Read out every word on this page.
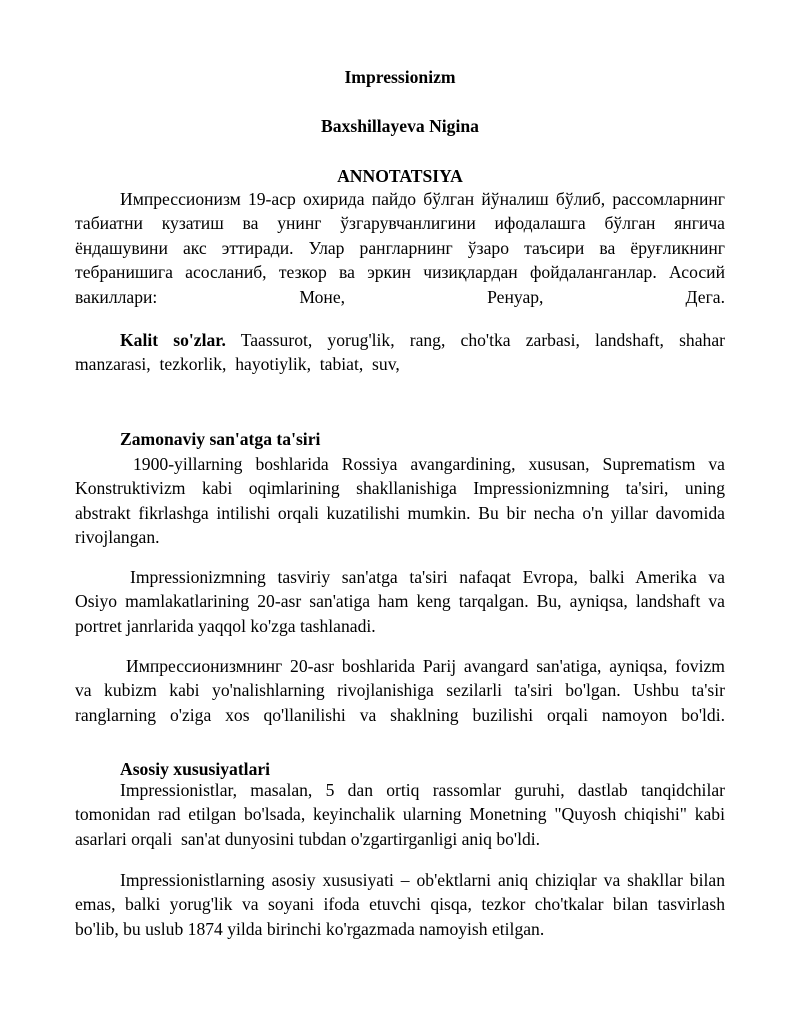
Impressionizm
Baxshillayeva Nigina
ANNOTATSIYA
Импрессионизм 19-аср охирида пайдо бўлган йўналиш бўлиб, рассомларнинг
табиатни кузатиш ва унинг ўзгарувчанлигини ифодалашга бўлган янгича
ёндашувини акс эттиради. Улар рангларнинг ўзаро таъсири ва ёруғликнинг
тебранишига асосланиб, тезкор ва эркин чизиқлардан фойдаланганлар. Асосий
вакиллари: Моне, Ренуар, Дега.
Kalit so'zlar. Taassurot, yorug'lik, rang, cho'tka zarbasi, landshaft, shahar
manzarasi,  tezkorlik,  hayotiylik,  tabiat,  suv,
Zamonaviy san'atga ta'siri
1900-yillarning boshlarida Rossiya avangardining, xususan, Suprematism va
Konstruktivizm kabi oqimlarining shakllanishiga Impressionizmning ta'siri, uning
abstrakt fikrlashga intilishi orqali kuzatilishi mumkin. Bu bir necha o'n yillar davomida
rivojlangan.
Impressionizmning tasviriy san'atga ta'siri nafaqat Evropa, balki Amerika va
Osiyo mamlakatlarining 20-asr san'atiga ham keng tarqalgan. Bu, ayniqsa, landshaft va
portret janrlarida yaqqol ko'zga tashlanadi.
Импрессионизмнинг 20-asr boshlarida Parij avangard san'atiga, ayniqsa, fovizm
va kubizm kabi yo'nalishlarning rivojlanishiga sezilarli ta'siri bo'lgan. Ushbu ta'sir
ranglarning o'ziga xos qo'llanilishi va shaklning buzilishi orqali namoyon bo'ldi.
Asosiy xususiyatlari
Impressionistlar, masalan, 5 dan ortiq rassomlar guruhi, dastlab tanqidchilar
tomonidan rad etilgan bo'lsada, keyinchalik ularning Monetning "Quyosh chiqishi" kabi
asarlari orqali  san'at dunyosini tubdan o'zgartirganligi aniq bo'ldi.
Impressionistlarning asosiy xususiyati – ob'ektlarni aniq chiziqlar va shakllar bilan
emas, balki yorug'lik va soyani ifoda etuvchi qisqa, tezkor cho'tkalar bilan tasvirlash
bo'lib, bu uslub 1874 yilda birinchi ko'rgazmada namoyish etilgan.
